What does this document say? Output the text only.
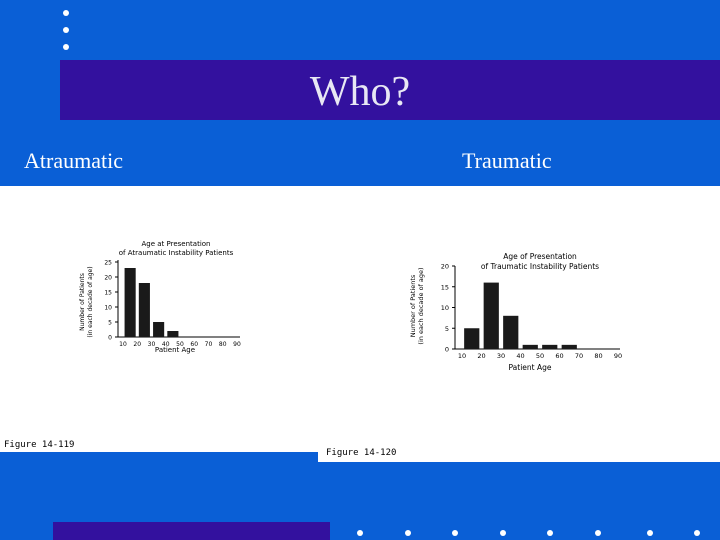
Who?
Atraumatic	Traumatic
Age at Presentation
of Atraumatic Instability Patients
Number of Patients (in each decade of age)
0
5
10
15
20
25
10 20 30 40 50 60 70 80 90
Patient Age
Figure 14-119
Age of Presentation
of Traumatic Instability Patients
Number of Patients (in each decade of age)
0
5
10
15
20
10 20 30 40 50 60 70 80 90
Patient Age
Figure 14-120
